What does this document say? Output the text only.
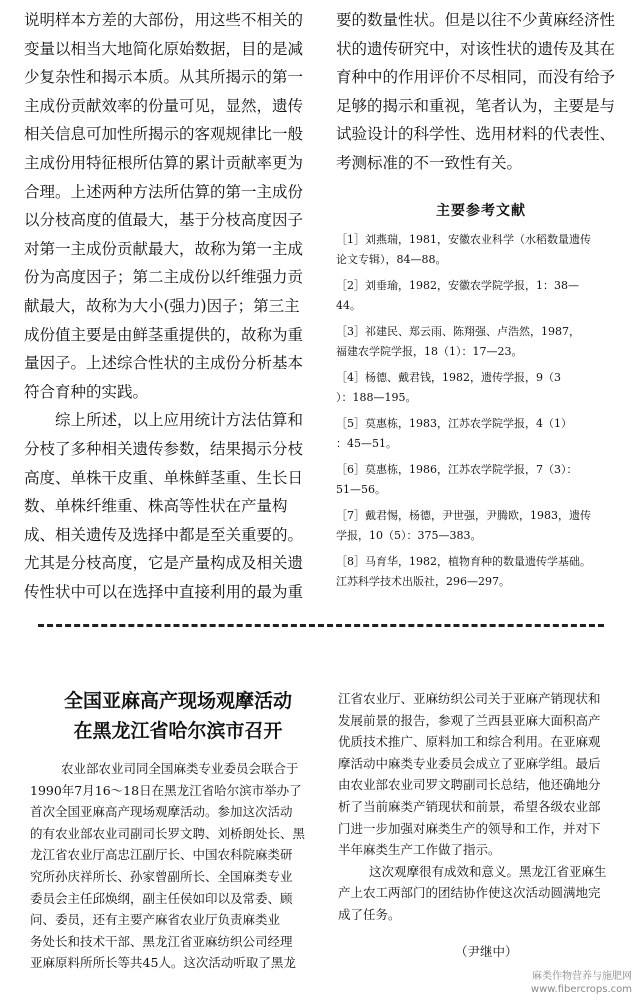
说明样本方差的大部份，用这些不相关的
变量以相当大地简化原始数据，目的是减
少复杂性和揭示本质。从其所揭示的第一
主成份贡献效率的份量可见，显然，遗传
相关信息可加性所揭示的客观规律比一般
主成份用特征根所估算的累计贡献率更为
合理。上述两种方法所估算的第一主成份
以分枝高度的值最大，基于分枝高度因子
对第一主成份贡献最大，故称为第一主成
份为高度因子；第二主成份以纤维强力贡
献最大，故称为大小(强力)因子；第三主
成份值主要是由鲜茎重提供的，故称为重
量因子。上述综合性状的主成份分析基本
符合育种的实践。
综上所述，以上应用统计方法估算和
分枝了多种相关遗传参数，结果揭示分枝
高度、单株干皮重、单株鲜茎重、生长日
数、单株纤维重、株高等性状在产量构
成、相关遗传及选择中都是至关重要的。
尤其是分枝高度，它是产量构成及相关遗
传性状中可以在选择中直接利用的最为重
要的数量性状。但是以往不少黄麻经济性
状的遗传研究中，对该性状的遗传及其在
育种中的作用评价不尽相同，而没有给予
足够的揭示和重视，笔者认为，主要是与
试验设计的科学性、选用材料的代表性、
考测标准的不一致性有关。
主要参考文献
［1］刘燕瑞，1981，安徽农业科学（水稻数量遗传
论文专辑），84—88。
［2］刘垂瑜，1982，安徽农学院学报，1：38—
44。
［3］祁建民、郑云雨、陈翔强、卢浩然，1987，
福建农学院学报，18（1）：17—23。
［4］杨德、戴君钱，1982，遗传学报，9（3
）：188—195。
［5］莫惠栋，1983，江苏农学院学报，4（1）
：45—51。
［6］莫惠栋，1986，江苏农学院学报，7（3）：
51—56。
［7］戴君惕，杨德，尹世强，尹腾欧，1983，遗传
学报，10（5）：375—383。
［8］马育华，1982，植物育种的数量遗传学基础。
江苏科学技术出版社，296—297。
全国亚麻高产现场观摩活动
在黑龙江省哈尔滨市召开
农业部农业司同全国麻类专业委员会联合于
1990年7月16～18日在黑龙江省哈尔滨市举办了
首次全国亚麻高产现场观摩活动。参加这次活动
的有农业部农业司副司长罗文聘、刘桥朗处长、黑
龙江省农业厅高忠江副厅长、中国农科院麻类研
究所孙庆祥所长、孙家曾副所长、全国麻类专业
委员会主任邱焕纲，副主任侯如印以及常委、顾
问、委员，还有主要产麻省农业厅负责麻类业
务处长和技术干部、黑龙江省亚麻纺织公司经理
亚麻原料所所长等共45人。这次活动听取了黑龙
江省农业厅、亚麻纺织公司关于亚麻产销现状和
发展前景的报告，参观了兰西县亚麻大面积高产
优质技术推广、原料加工和综合利用。在亚麻观
摩活动中麻类专业委员会成立了亚麻学组。最后
由农业部农业司罗文聘副司长总结，他还确地分
析了当前麻类产销现状和前景，希望各级农业部
门进一步加强对麻类生产的领导和工作，并对下
半年麻类生产工作做了指示。
这次观摩很有成效和意义。黑龙江省亚麻生
产上农工两部门的团结协作使这次活动圆满地完
成了任务。
（尹继中）
麻类作物营养与施肥网
www.fibercrops.com
